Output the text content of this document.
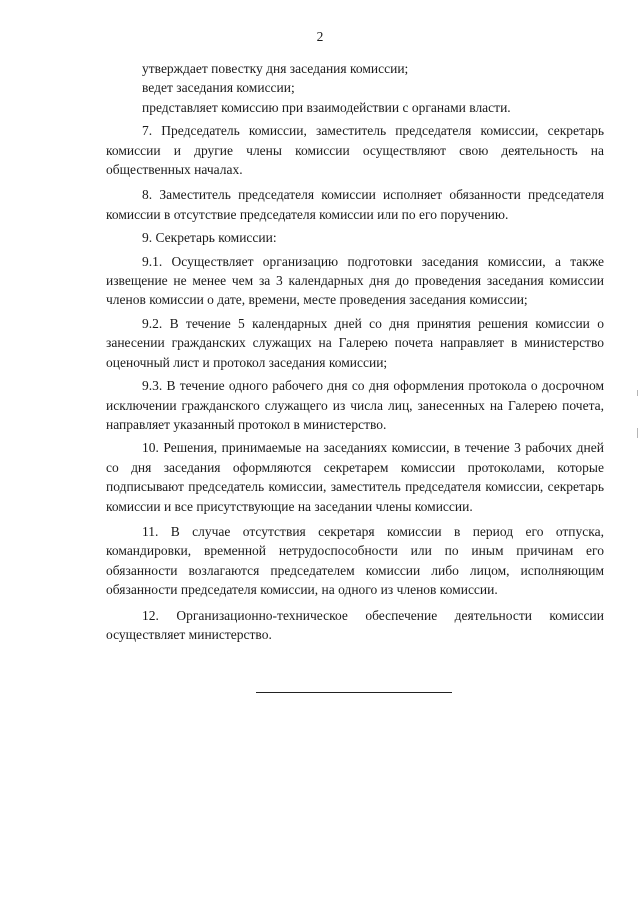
2

утверждает повестку дня заседания комиссии;

ведет заседания комиссии;

представляет комиссию при взаимодействии с органами власти.

7. Председатель комиссии, заместитель председателя комиссии, секретарь комиссии и другие члены комиссии осуществляют свою деятельность на общественных началах.

8. Заместитель председателя комиссии исполняет обязанности председателя комиссии в отсутствие председателя комиссии или по его поручению.

9. Секретарь комиссии:

9.1. Осуществляет организацию подготовки заседания комиссии, а также извещение не менее чем за 3 календарных дня до проведения заседания комиссии членов комиссии о дате, времени, месте проведения заседания комиссии;

9.2. В течение 5 календарных дней со дня принятия решения комиссии о занесении гражданских служащих на Галерею почета направляет в министерство оценочный лист и протокол заседания комиссии;

9.3. В течение одного рабочего дня со дня оформления протокола о досрочном исключении гражданского служащего из числа лиц, занесенных на Галерею почета, направляет указанный протокол в министерство.

10. Решения, принимаемые на заседаниях комиссии, в течение 3 рабочих дней со дня заседания оформляются секретарем комиссии протоколами, которые подписывают председатель комиссии, заместитель председателя комиссии, секретарь комиссии и все присутствующие на заседании члены комиссии.

11. В случае отсутствия секретаря комиссии в период его отпуска, командировки, временной нетрудоспособности или по иным причинам его обязанности возлагаются председателем комиссии либо лицом, исполняющим обязанности председателя комиссии, на одного из членов комиссии.

12. Организационно-техническое обеспечение деятельности комиссии осуществляет министерство.
